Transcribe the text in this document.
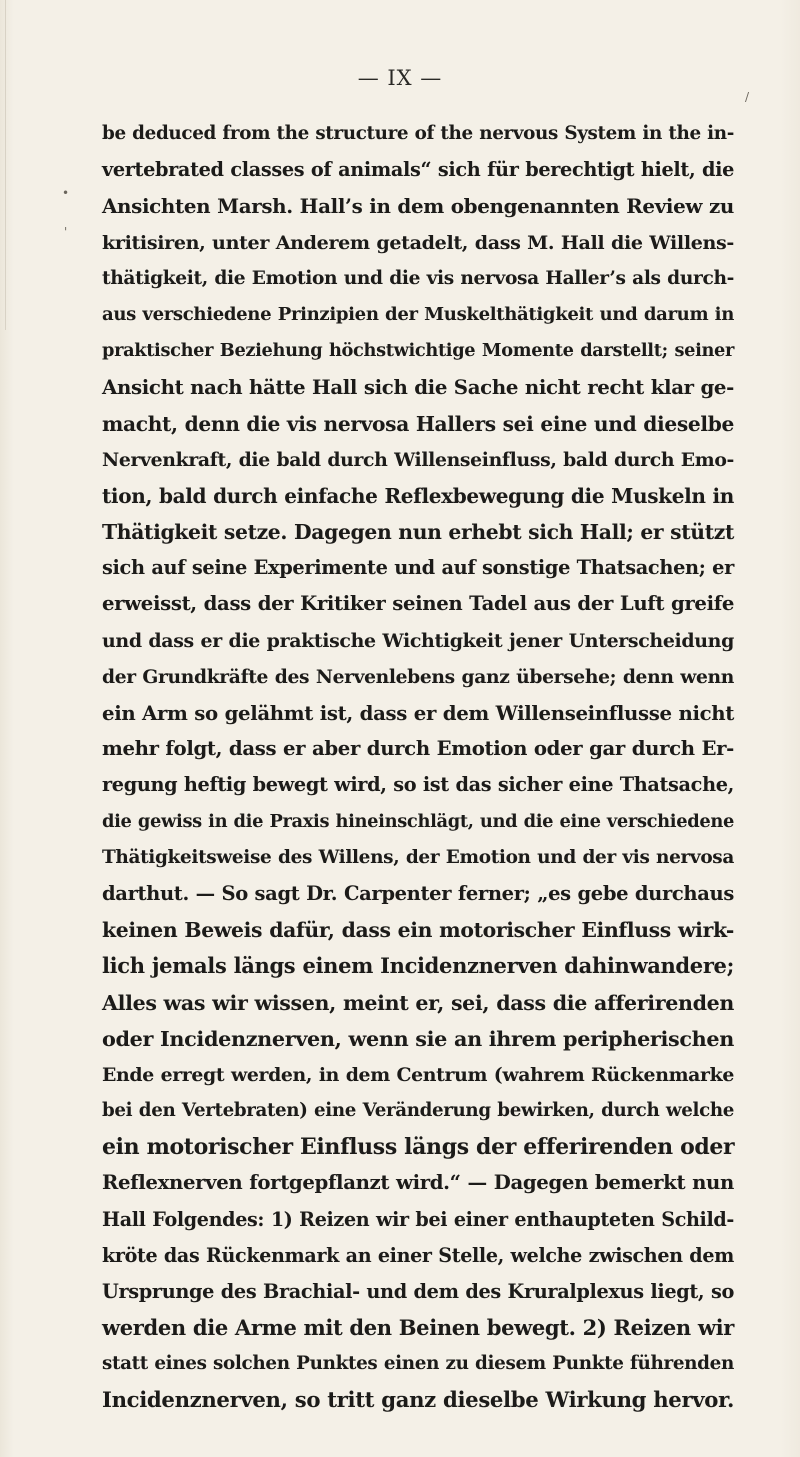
— IX —
•
'
/
be deduced from the structure of the nervous System in the in-
vertebrated classes of animals“ sich für berechtigt hielt, die
Ansichten Marsh. Hall’s in dem obengenannten Review zu
kritisiren, unter Anderem getadelt, dass M. Hall die Willens-
thätigkeit, die Emotion und die vis nervosa Haller’s als durch-
aus verschiedene Prinzipien der Muskelthätigkeit und darum in
praktischer Beziehung höchstwichtige Momente darstellt; seiner
Ansicht nach hätte Hall sich die Sache nicht recht klar ge-
macht, denn die vis nervosa Hallers sei eine und dieselbe
Nervenkraft, die bald durch Willenseinfluss, bald durch Emo-
tion, bald durch einfache Reflexbewegung die Muskeln in
Thätigkeit setze. Dagegen nun erhebt sich Hall; er stützt
sich auf seine Experimente und auf sonstige Thatsachen; er
erweisst, dass der Kritiker seinen Tadel aus der Luft greife
und dass er die praktische Wichtigkeit jener Unterscheidung
der Grundkräfte des Nervenlebens ganz übersehe; denn wenn
ein Arm so gelähmt ist, dass er dem Willenseinflusse nicht
mehr folgt, dass er aber durch Emotion oder gar durch Er-
regung heftig bewegt wird, so ist das sicher eine Thatsache,
die gewiss in die Praxis hineinschlägt, und die eine verschiedene
Thätigkeitsweise des Willens, der Emotion und der vis nervosa
darthut. — So sagt Dr. Carpenter ferner; „es gebe durchaus
keinen Beweis dafür, dass ein motorischer Einfluss wirk-
lich jemals längs einem Incidenznerven dahinwandere;
Alles was wir wissen, meint er, sei, dass die afferirenden
oder Incidenznerven, wenn sie an ihrem peripherischen
Ende erregt werden, in dem Centrum (wahrem Rückenmarke
bei den Vertebraten) eine Veränderung bewirken, durch welche
ein motorischer Einfluss längs der efferirenden oder
Reflexnerven fortgepflanzt wird.“ — Dagegen bemerkt nun
Hall Folgendes: 1) Reizen wir bei einer enthaupteten Schild-
kröte das Rückenmark an einer Stelle, welche zwischen dem
Ursprunge des Brachial- und dem des Kruralplexus liegt, so
werden die Arme mit den Beinen bewegt. 2) Reizen wir
statt eines solchen Punktes einen zu diesem Punkte führenden
Incidenznerven, so tritt ganz dieselbe Wirkung hervor.
